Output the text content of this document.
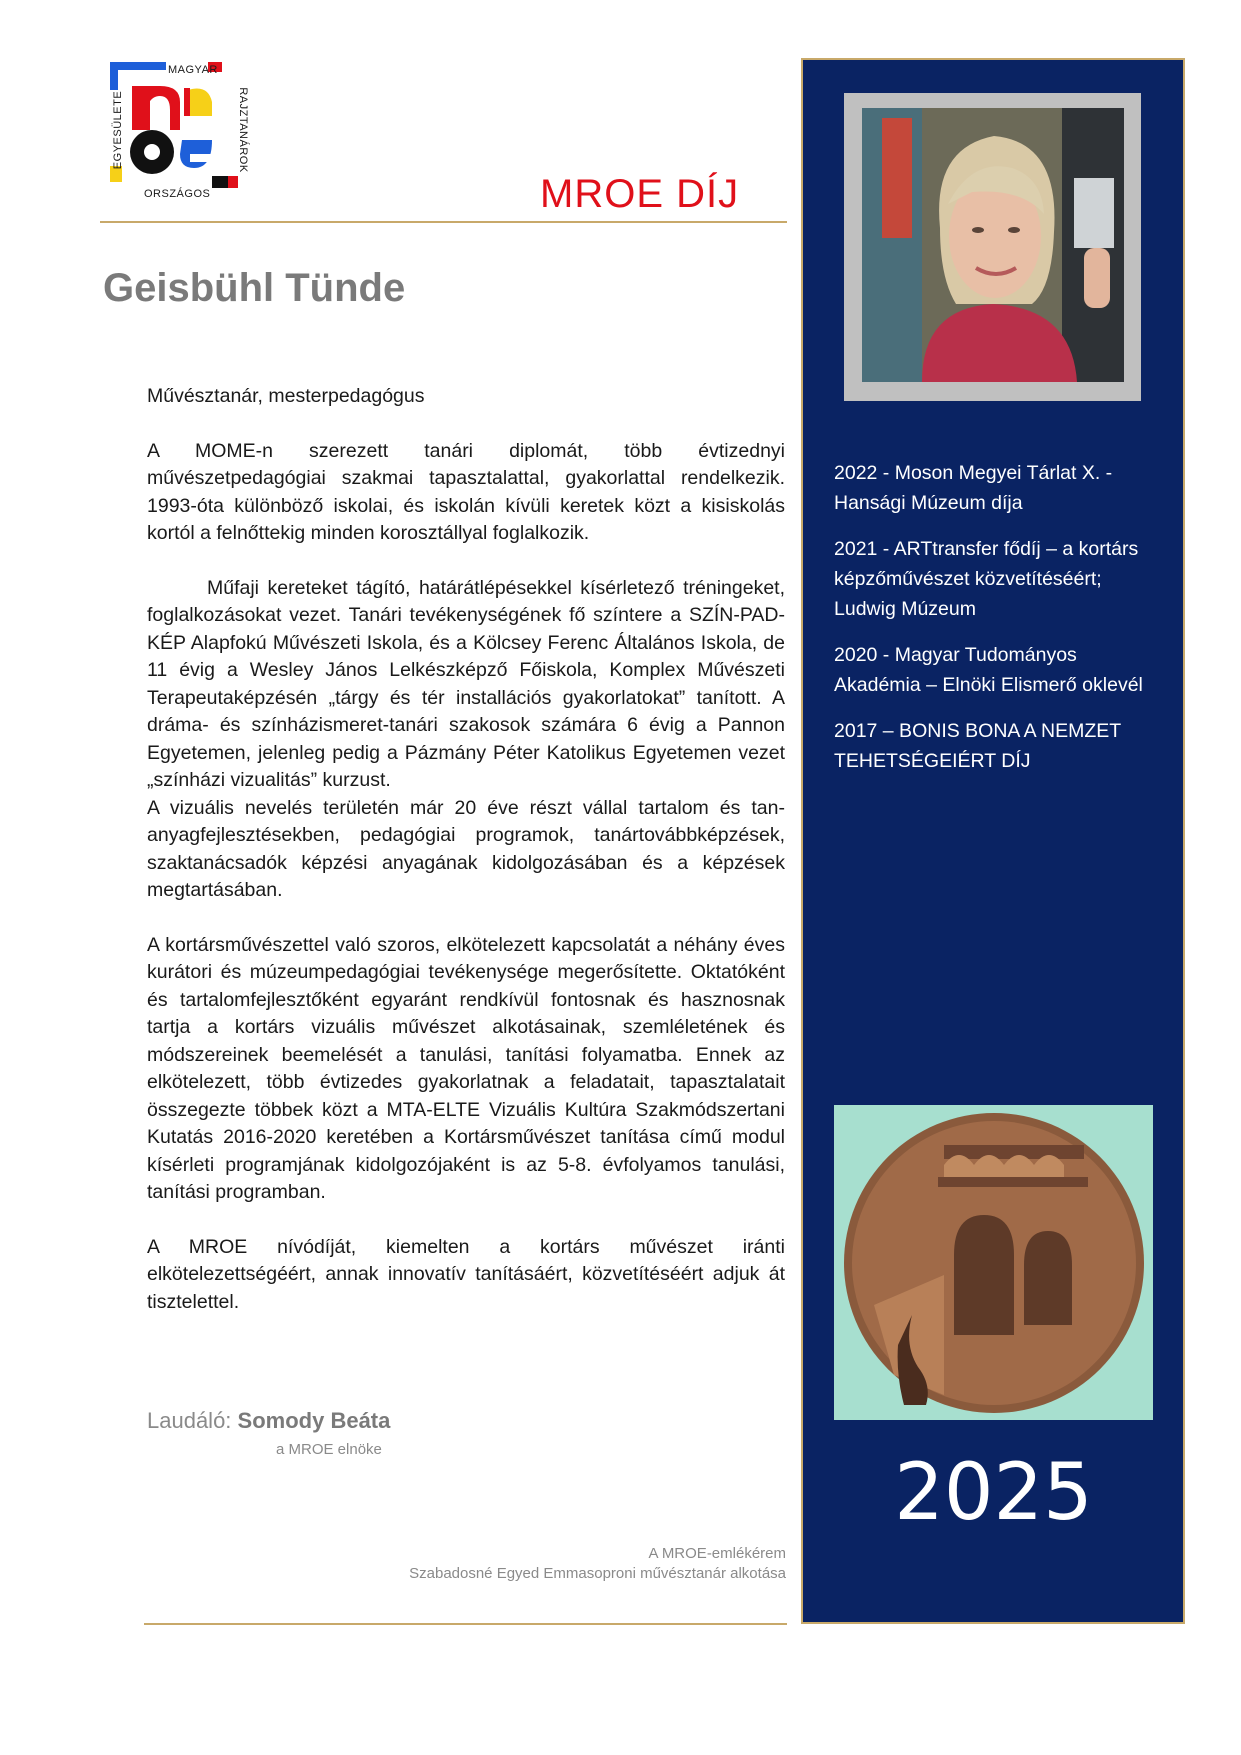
MAGYAR
RAJZTANÁROK
ORSZÁGOS
EGYESÜLETE
MROE DÍJ
Geisbühl Tünde

Művésztanár, mesterpedagógus

A MOME-n szerezett tanári diplomát, több évtizednyi művészetpedagógiai szakmai tapasztalattal, gyakorlattal rendelkezik. 1993-óta különböző iskolai, és iskolán kívüli keretek közt a kisiskolás kortól a felnőttekig minden korosztállyal foglalkozik.

Műfaji kereteket tágító, határátlépésekkel kísérletező tréningeket, foglalkozásokat vezet. Tanári tevékenységének fő színtere a SZÍN-PAD-KÉP Alapfokú Művészeti Iskola, és a Kölcsey Ferenc Általános Iskola, de 11 évig a Wesley János Lelkészképző Főiskola, Komplex Művészeti Terapeutaképzésén „tárgy és tér installációs gyakorlatokat” tanított. A dráma- és színházismeret-tanári szakosok számára 6 évig a Pannon Egyetemen, jelenleg pedig a Pázmány Péter Katolikus Egyetemen vezet „színházi vizualitás” kurzust.

A vizuális nevelés területén már 20 éve részt vállal tartalom és tan-anyagfejlesztésekben, pedagógiai programok, tanártovábbképzések, szaktanácsadók képzési anyagának kidolgozásában és a képzések megtartásában.

A kortársművészettel való szoros, elkötelezett kapcsolatát a néhány éves kurátori és múzeumpedagógiai tevékenysége megerősítette. Oktatóként és tartalomfejlesztőként egyaránt rendkívül fontosnak és hasznosnak tartja a kortárs vizuális művészet alkotásainak, szemléletének és módszereinek beemelését a tanulási, tanítási folyamatba. Ennek az elkötelezett, több évtizedes gyakorlatnak a feladatait, tapasztalatait összegezte többek közt a MTA-ELTE Vizuális Kultúra Szakmódszertani Kutatás 2016-2020 keretében a Kortársművészet tanítása című modul kísérleti programjának kidolgozójaként is az 5-8. évfolyamos tanulási, tanítási programban.

A MROE nívódíját, kiemelten a kortárs művészet iránti elkötelezettségéért, annak innovatív tanításáért, közvetítéséért adjuk át tisztelettel.

Laudáló: Somody Beáta
a MROE elnöke
A MROE-emlékérem
Szabadosné Egyed Emmasoproni művésztanár alkotása
2022 - Moson Megyei Tárlat X. - Hansági Múzeum díja
2021 - ARTtransfer fődíj – a kortárs képzőművészet közvetítéséért; Ludwig Múzeum
2020 - Magyar Tudományos Akadémia – Elnöki Elismerő oklevél
2017 – BONIS BONA A NEMZET TEHETSÉGEIÉRT DÍJ
2025
